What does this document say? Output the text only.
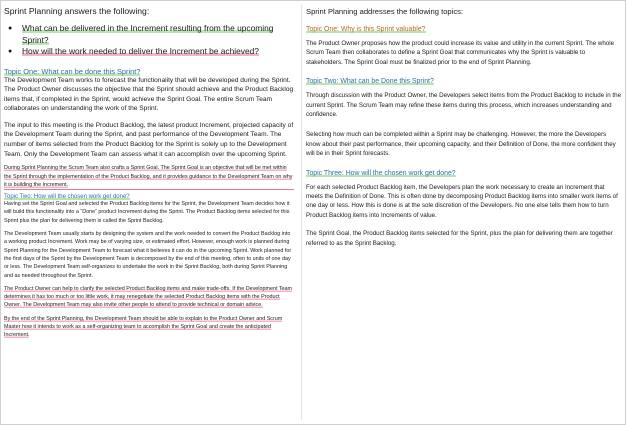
Sprint Planning answers the following:

● What can be delivered in the Increment resulting from the upcoming Sprint?
● How will the work needed to deliver the Increment be achieved?

Topic One: What can be done this Sprint?

The Development Team works to forecast the functionality that will be developed during the Sprint. The Product Owner discusses the objective that the Sprint should achieve and the Product Backlog items that, if completed in the Sprint, would achieve the Sprint Goal. The entire Scrum Team collaborates on understanding the work of the Sprint.

The input to this meeting is the Product Backlog, the latest product Increment, projected capacity of the Development Team during the Sprint, and past performance of the Development Team. The number of items selected from the Product Backlog for the Sprint is solely up to the Development Team. Only the Development Team can assess what it can accomplish over the upcoming Sprint.

During Sprint Planning the Scrum Team also crafts a Sprint Goal. The Sprint Goal is an objective that will be met within the Sprint through the implementation of the Product Backlog, and it provides guidance to the Development Team on why it is building the Increment.

Topic Two: How will the chosen work get done?

Having set the Sprint Goal and selected the Product Backlog items for the Sprint, the Development Team decides how it will build this functionality into a “Done” product Increment during the Sprint. The Product Backlog items selected for this Sprint plus the plan for delivering them is called the Sprint Backlog.

The Development Team usually starts by designing the system and the work needed to convert the Product Backlog into a working product Increment. Work may be of varying size, or estimated effort. However, enough work is planned during Sprint Planning for the Development Team to forecast what it believes it can do in the upcoming Sprint. Work planned for the first days of the Sprint by the Development Team is decomposed by the end of this meeting, often to units of one day or less. The Development Team self-organizes to undertake the work in the Sprint Backlog, both during Sprint Planning and as needed throughout the Sprint.

The Product Owner can help to clarify the selected Product Backlog items and make trade-offs. If the Development Team determines it has too much or too little work, it may renegotiate the selected Product Backlog items with the Product Owner. The Development Team may also invite other people to attend to provide technical or domain advice.

By the end of the Sprint Planning, the Development Team should be able to explain to the Product Owner and Scrum Master how it intends to work as a self-organizing team to accomplish the Sprint Goal and create the anticipated Increment.

Sprint Planning addresses the following topics:

Topic One: Why is this Sprint valuable?

The Product Owner proposes how the product could increase its value and utility in the current Sprint. The whole Scrum Team then collaborates to define a Sprint Goal that communicates why the Sprint is valuable to stakeholders. The Sprint Goal must be finalized prior to the end of Sprint Planning.

Topic Two: What can be Done this Sprint?

Through discussion with the Product Owner, the Developers select items from the Product Backlog to include in the current Sprint. The Scrum Team may refine these items during this process, which increases understanding and confidence.

Selecting how much can be completed within a Sprint may be challenging. However, the more the Developers know about their past performance, their upcoming capacity, and their Definition of Done, the more confident they will be in their Sprint forecasts.

Topic Three: How will the chosen work get done?

For each selected Product Backlog item, the Developers plan the work necessary to create an Increment that meets the Definition of Done. This is often done by decomposing Product Backlog items into smaller work items of one day or less. How this is done is at the sole discretion of the Developers. No one else tells them how to turn Product Backlog items into Increments of value.

The Sprint Goal, the Product Backlog items selected for the Sprint, plus the plan for delivering them are together referred to as the Sprint Backlog.
